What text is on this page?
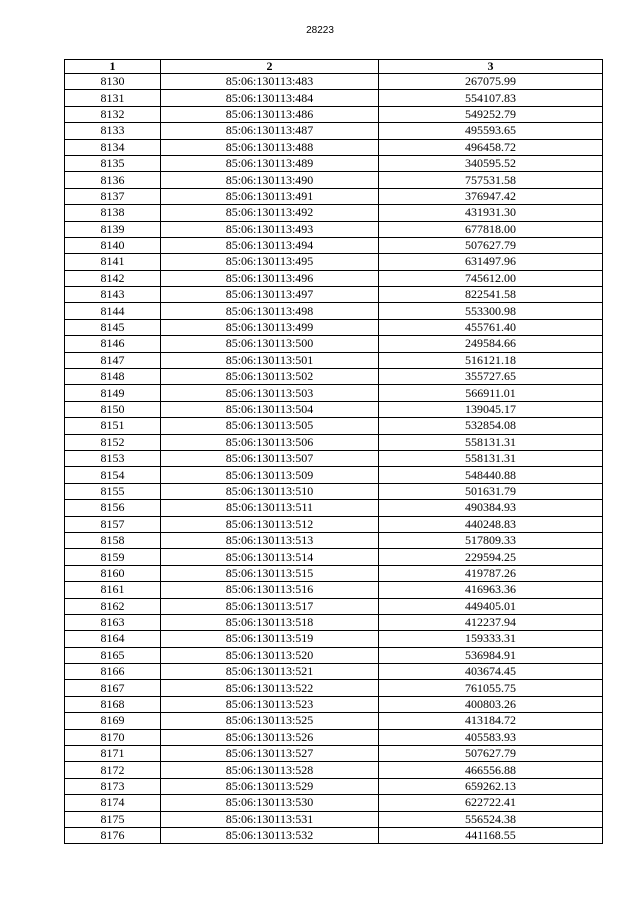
28223
1	2	3
8130	85:06:130113:483	267075.99
8131	85:06:130113:484	554107.83
8132	85:06:130113:486	549252.79
8133	85:06:130113:487	495593.65
8134	85:06:130113:488	496458.72
8135	85:06:130113:489	340595.52
8136	85:06:130113:490	757531.58
8137	85:06:130113:491	376947.42
8138	85:06:130113:492	431931.30
8139	85:06:130113:493	677818.00
8140	85:06:130113:494	507627.79
8141	85:06:130113:495	631497.96
8142	85:06:130113:496	745612.00
8143	85:06:130113:497	822541.58
8144	85:06:130113:498	553300.98
8145	85:06:130113:499	455761.40
8146	85:06:130113:500	249584.66
8147	85:06:130113:501	516121.18
8148	85:06:130113:502	355727.65
8149	85:06:130113:503	566911.01
8150	85:06:130113:504	139045.17
8151	85:06:130113:505	532854.08
8152	85:06:130113:506	558131.31
8153	85:06:130113:507	558131.31
8154	85:06:130113:509	548440.88
8155	85:06:130113:510	501631.79
8156	85:06:130113:511	490384.93
8157	85:06:130113:512	440248.83
8158	85:06:130113:513	517809.33
8159	85:06:130113:514	229594.25
8160	85:06:130113:515	419787.26
8161	85:06:130113:516	416963.36
8162	85:06:130113:517	449405.01
8163	85:06:130113:518	412237.94
8164	85:06:130113:519	159333.31
8165	85:06:130113:520	536984.91
8166	85:06:130113:521	403674.45
8167	85:06:130113:522	761055.75
8168	85:06:130113:523	400803.26
8169	85:06:130113:525	413184.72
8170	85:06:130113:526	405583.93
8171	85:06:130113:527	507627.79
8172	85:06:130113:528	466556.88
8173	85:06:130113:529	659262.13
8174	85:06:130113:530	622722.41
8175	85:06:130113:531	556524.38
8176	85:06:130113:532	441168.55
